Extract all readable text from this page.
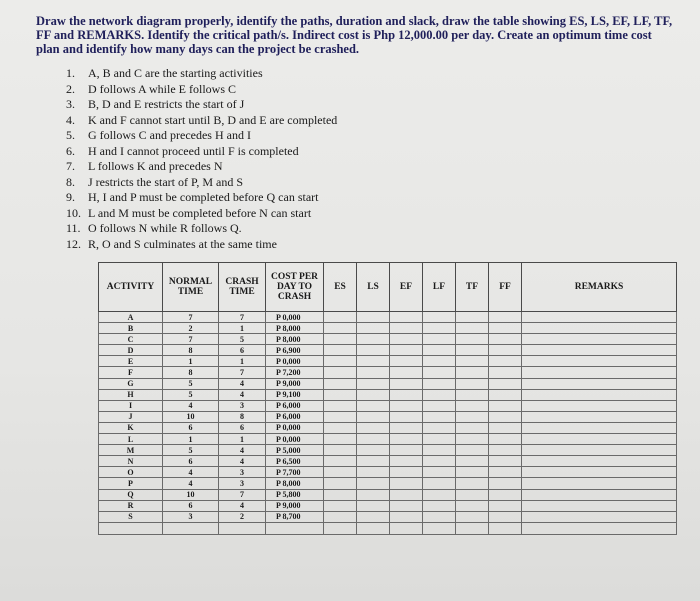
Draw the network diagram properly, identify the paths, duration and slack, draw the table showing ES, LS, EF, LF, TF, FF and REMARKS. Identify the critical path/s. Indirect cost is Php 12,000.00 per day. Create an optimum time cost plan and identify how many days can the project be crashed.
1. A, B and C are the starting activities
2. D follows A while E follows C
3. B, D and E restricts the start of J
4. K and F cannot start until B, D and E are completed
5. G follows C and precedes H and I
6. H and I cannot proceed until F is completed
7. L follows K and precedes N
8. J restricts the start of P, M and S
9. H, I and P must be completed before Q can start
10. L and M must be completed before N can start
11. O follows N while R follows Q.
12. R, O and S culminates at the same time
ACTIVITY	NORMAL TIME	CRASH TIME	COST PER DAY TO CRASH	ES	LS	EF	LF	TF	FF	REMARKS
A	7	7	P 0,000							
B	2	1	P 8,000							
C	7	5	P 8,000							
D	8	6	P 6,900							
E	1	1	P 0,000							
F	8	7	P 7,200							
G	5	4	P 9,000							
H	5	4	P 9,100							
I	4	3	P 6,000							
J	10	8	P 6,000							
K	6	6	P 0,000							
L	1	1	P 0,000							
M	5	4	P 5,000							
N	6	4	P 6,500							
O	4	3	P 7,700							
P	4	3	P 8,000							
Q	10	7	P 5,800							
R	6	4	P 9,000							
S	3	2	P 8,700							
